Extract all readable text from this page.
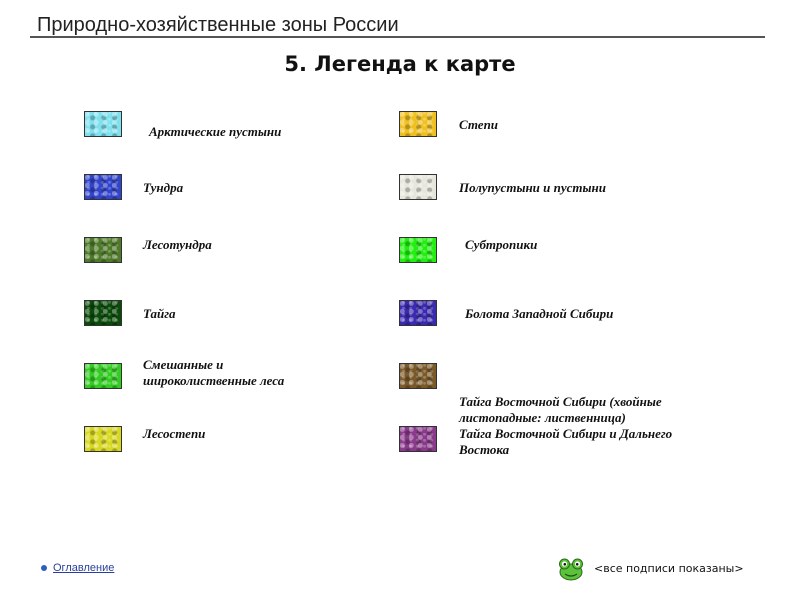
Природно-хозяйственные зоны России
5. Легенда к карте
Арктические пустыни
Тундра
Лесотундра
Тайга
Смешанные и широколиственные леса
Лесостепи
Степи
Полупустыни и пустыни
Субтропики
Болота Западной Сибири
Тайга Восточной Сибири (хвойные листопадные: лиственница)
Тайга Восточной Сибири и Дальнего Востока
Оглавление	<все подписи показаны>
